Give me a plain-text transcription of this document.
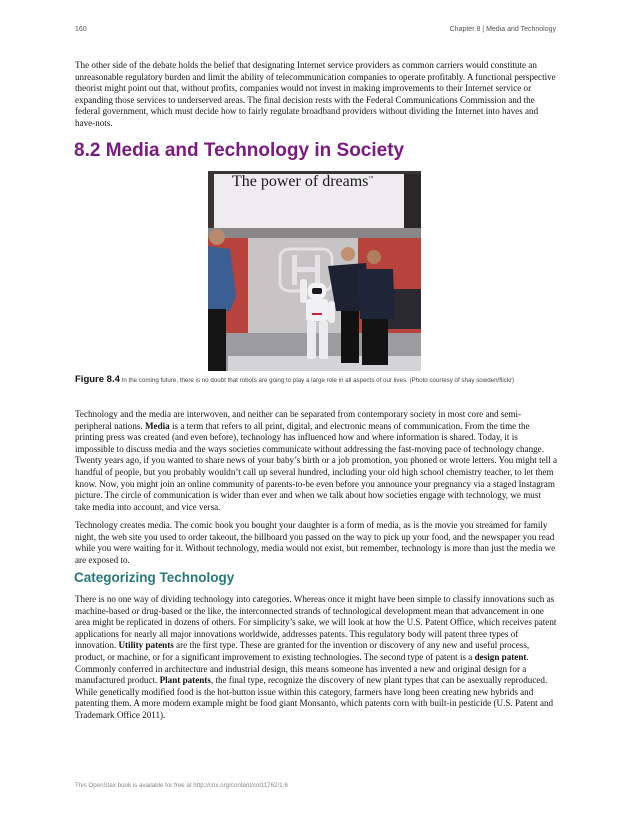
160	Chapter 8 | Media and Technology

The other side of the debate holds the belief that designating Internet service providers as common carriers would constitute an unreasonable regulatory burden and limit the ability of telecommunication companies to operate profitably. A functional perspective theorist might point out that, without profits, companies would not invest in making improvements to their Internet service or expanding those services to underserved areas. The final decision rests with the Federal Communications Commission and the federal government, which must decide how to fairly regulate broadband providers without dividing the Internet into haves and have-nots.

8.2 Media and Technology in Society
The power of dreams™

Figure 8.4 In the coming future, there is no doubt that robots are going to play a large role in all aspects of our lives. (Photo courtesy of shay sowden/flickr)

Technology and the media are interwoven, and neither can be separated from contemporary society in most core and semi-peripheral nations. Media is a term that refers to all print, digital, and electronic means of communication. From the time the printing press was created (and even before), technology has influenced how and where information is shared. Today, it is impossible to discuss media and the ways societies communicate without addressing the fast-moving pace of technology change. Twenty years ago, if you wanted to share news of your baby’s birth or a job promotion, you phoned or wrote letters. You might tell a handful of people, but you probably wouldn’t call up several hundred, including your old high school chemistry teacher, to let them know. Now, you might join an online community of parents-to-be even before you announce your pregnancy via a staged Instagram picture. The circle of communication is wider than ever and when we talk about how societies engage with technology, we must take media into account, and vice versa.

Technology creates media. The comic book you bought your daughter is a form of media, as is the movie you streamed for family night, the web site you used to order takeout, the billboard you passed on the way to pick up your food, and the newspaper you read while you were waiting for it. Without technology, media would not exist, but remember, technology is more than just the media we are exposed to.

Categorizing Technology

There is no one way of dividing technology into categories. Whereas once it might have been simple to classify innovations such as machine-based or drug-based or the like, the interconnected strands of technological development mean that advancement in one area might be replicated in dozens of others. For simplicity’s sake, we will look at how the U.S. Patent Office, which receives patent applications for nearly all major innovations worldwide, addresses patents. This regulatory body will patent three types of innovation. Utility patents are the first type. These are granted for the invention or discovery of any new and useful process, product, or machine, or for a significant improvement to existing technologies. The second type of patent is a design patent. Commonly conferred in architecture and industrial design, this means someone has invented a new and original design for a manufactured product. Plant patents, the final type, recognize the discovery of new plant types that can be asexually reproduced. While genetically modified food is the hot-button issue within this category, farmers have long been creating new hybrids and patenting them. A more modern example might be food giant Monsanto, which patents corn with built-in pesticide (U.S. Patent and Trademark Office 2011).

This OpenStax book is available for free at http://cnx.org/content/col11762/1.6
